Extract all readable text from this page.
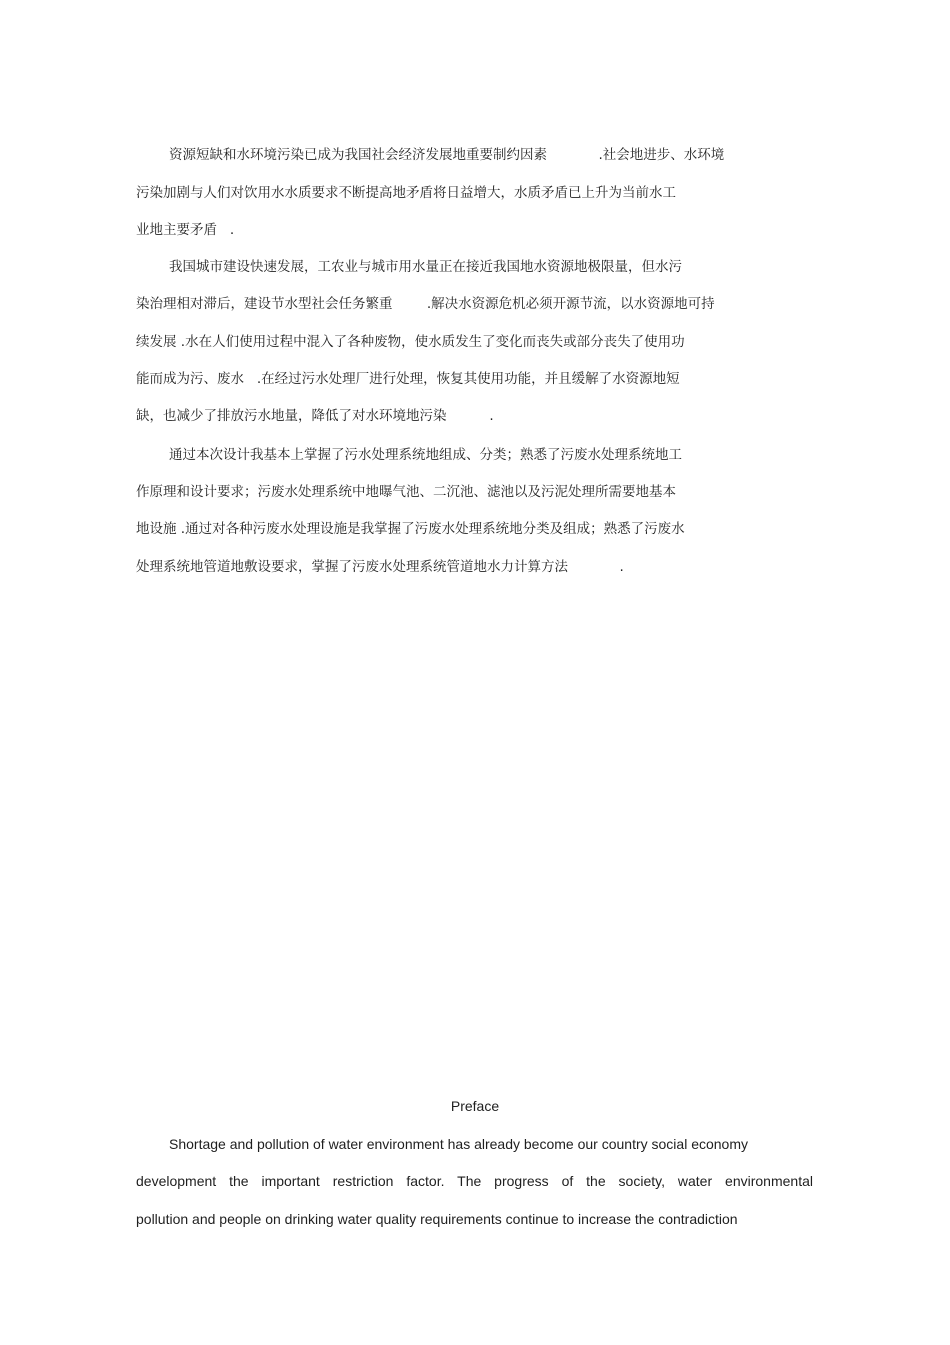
资源短缺和水环境污染已成为我国社会经济发展地重要制约因素            .社会地进步、水环境
污染加剧与人们对饮用水水质要求不断提高地矛盾将日益增大，水质矛盾已上升为当前水工
业地主要矛盾   .
我国城市建设快速发展，工农业与城市用水量正在接近我国地水资源地极限量，但水污
染治理相对滞后，建设节水型社会任务繁重        .解决水资源危机必须开源节流，以水资源地可持
续发展 .水在人们使用过程中混入了各种废物，使水质发生了变化而丧失或部分丧失了使用功
能而成为污、废水   .在经过污水处理厂进行处理，恢复其使用功能，并且缓解了水资源地短
缺，也减少了排放污水地量，降低了对水环境地污染          .
通过本次设计我基本上掌握了污水处理系统地组成、分类；熟悉了污废水处理系统地工
作原理和设计要求；污废水处理系统中地曝气池、二沉池、滤池以及污泥处理所需要地基本
地设施 .通过对各种污废水处理设施是我掌握了污废水处理系统地分类及组成；熟悉了污废水
处理系统地管道地敷设要求，掌握了污废水处理系统管道地水力计算方法            .
Preface
Shortage and pollution of water environment has already become our country social economy
development the important restriction factor. The progress of the society, water environmental
pollution and people on drinking water quality requirements continue to increase the contradiction
